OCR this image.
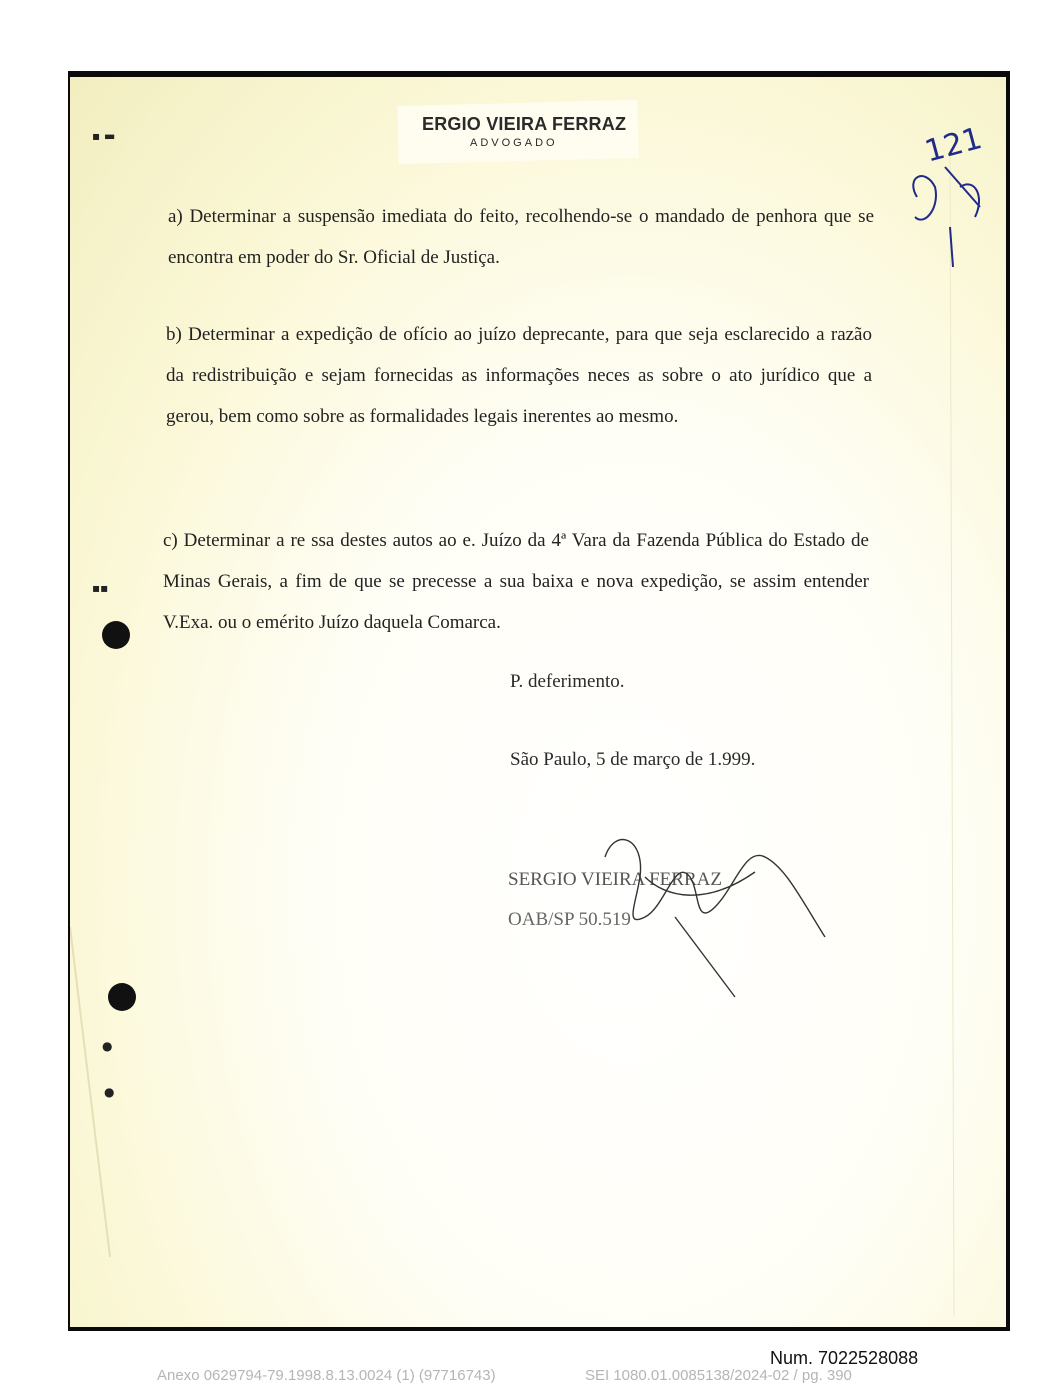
ERGIO VIEIRA FERRAZ
ADVOGADO	121
▪ ▬
▪▪
●
●

a) Determinar a suspensão imediata do feito, recolhendo-se o mandado de penhora que se encontra em poder do Sr. Oficial de Justiça.

b) Determinar a expedição de ofício ao juízo deprecante, para que seja esclarecido a razão da redistribuição e sejam fornecidas as informações neces as sobre o ato jurídico que a gerou, bem como sobre as formalidades legais inerentes ao mesmo.

c) Determinar a re ssa destes autos ao e. Juízo da 4ª Vara da Fazenda Pública do Estado de Minas Gerais, a fim de que se precesse a sua baixa e nova expedição, se assim entender V.Exa. ou o emérito Juízo daquela Comarca.

P. deferimento.
São Paulo, 5 de março de 1.999.
SERGIO VIEIRA FERRAZ
OAB/SP 50.519
Num. 7022528088
Anexo 0629794-79.1998.8.13.0024 (1) (97716743)	SEI 1080.01.0085138/2024-02 / pg. 390
